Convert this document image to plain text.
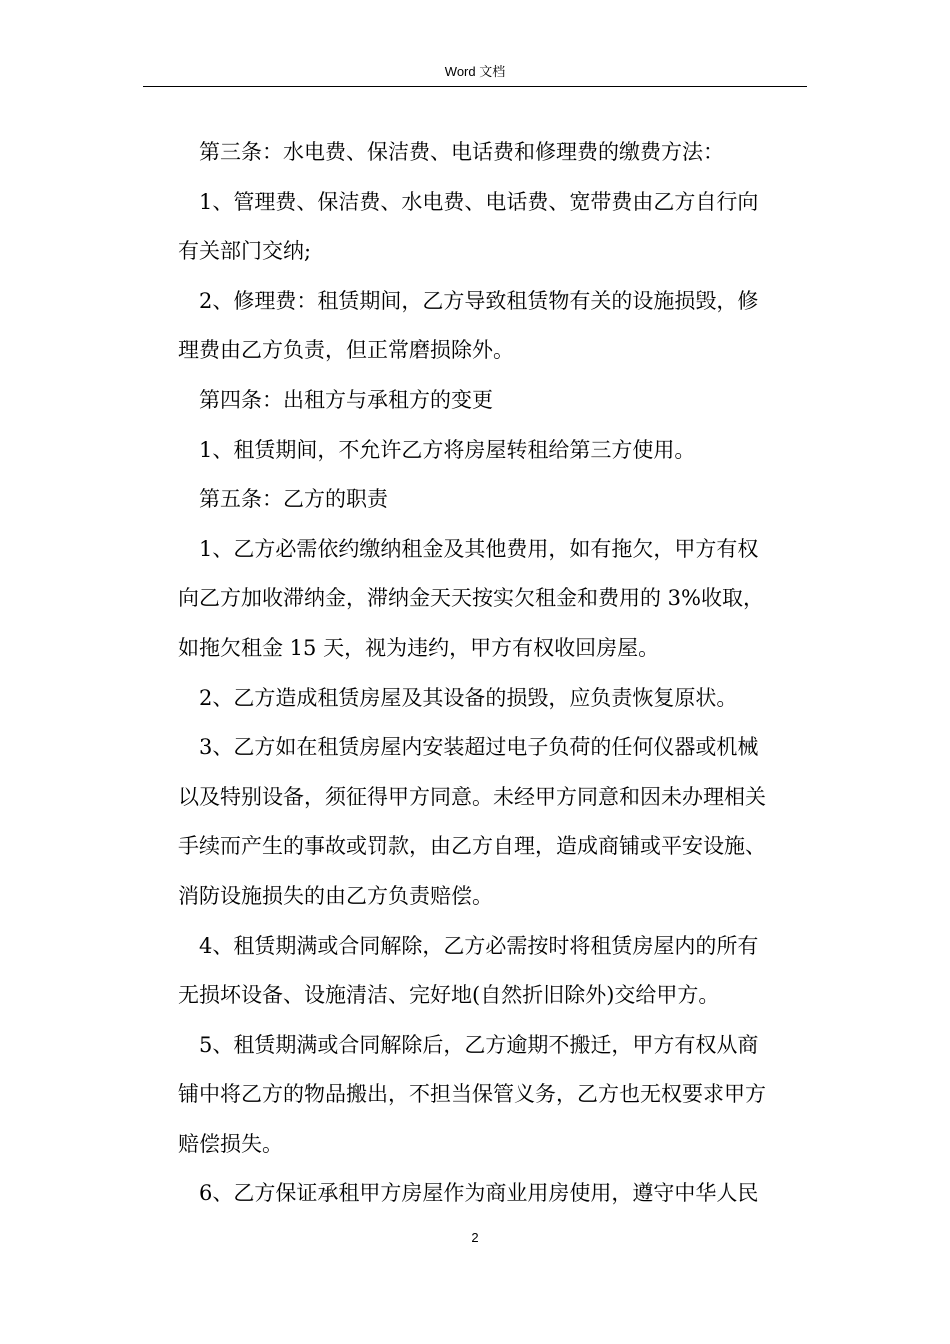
Word 文档
第三条：水电费、保洁费、电话费和修理费的缴费方法：
1、管理费、保洁费、水电费、电话费、宽带费由乙方自行向
有关部门交纳;
2、修理费：租赁期间，乙方导致租赁物有关的设施损毁，修
理费由乙方负责，但正常磨损除外。
第四条：出租方与承租方的变更
1、租赁期间，不允许乙方将房屋转租给第三方使用。
第五条：乙方的职责
1、乙方必需依约缴纳租金及其他费用，如有拖欠，甲方有权
向乙方加收滞纳金，滞纳金天天按实欠租金和费用的 3%收取，
如拖欠租金 15 天，视为违约，甲方有权收回房屋。
2、乙方造成租赁房屋及其设备的损毁，应负责恢复原状。
3、乙方如在租赁房屋内安装超过电子负荷的任何仪器或机械
以及特别设备，须征得甲方同意。未经甲方同意和因未办理相关
手续而产生的事故或罚款，由乙方自理，造成商铺或平安设施、
消防设施损失的由乙方负责赔偿。
4、租赁期满或合同解除，乙方必需按时将租赁房屋内的所有
无损坏设备、设施清洁、完好地(自然折旧除外)交给甲方。
5、租赁期满或合同解除后，乙方逾期不搬迁，甲方有权从商
铺中将乙方的物品搬出，不担当保管义务，乙方也无权要求甲方
赔偿损失。
6、乙方保证承租甲方房屋作为商业用房使用，遵守中华人民
2
